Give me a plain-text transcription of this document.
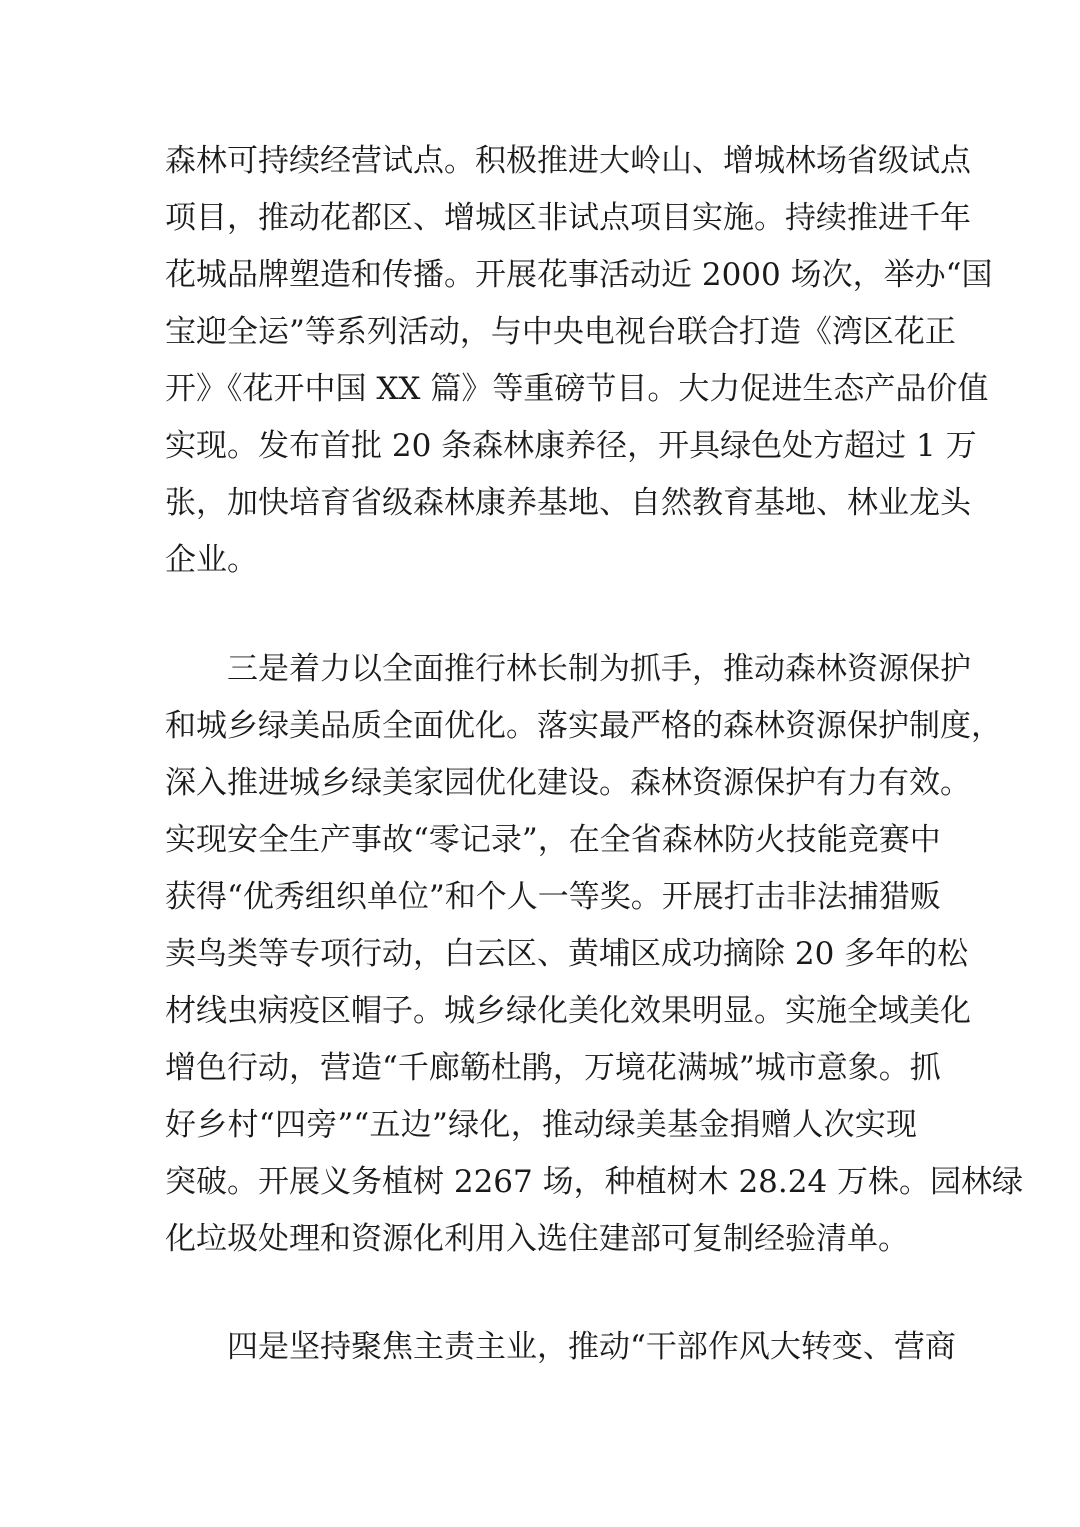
森林可持续经营试点。积极推进大岭山、增城林场省级试点
项目，推动花都区、增城区非试点项目实施。持续推进千年
花城品牌塑造和传播。开展花事活动近 2000 场次，举办“国
宝迎全运”等系列活动，与中央电视台联合打造《湾区花正
开》《花开中国 XX 篇》等重磅节目。大力促进生态产品价值
实现。发布首批 20 条森林康养径，开具绿色处方超过 1 万
张，加快培育省级森林康养基地、自然教育基地、林业龙头
企业。
三是着力以全面推行林长制为抓手，推动森林资源保护
和城乡绿美品质全面优化。落实最严格的森林资源保护制度，
深入推进城乡绿美家园优化建设。森林资源保护有力有效。
实现安全生产事故“零记录”，在全省森林防火技能竞赛中
获得“优秀组织单位”和个人一等奖。开展打击非法捕猎贩
卖鸟类等专项行动，白云区、黄埔区成功摘除 20 多年的松
材线虫病疫区帽子。城乡绿化美化效果明显。实施全域美化
增色行动，营造“千廊簕杜鹃，万境花满城”城市意象。抓
好乡村“四旁”“五边”绿化，推动绿美基金捐赠人次实现
突破。开展义务植树 2267 场，种植树木 28.24 万株。园林绿
化垃圾处理和资源化利用入选住建部可复制经验清单。
四是坚持聚焦主责主业，推动“干部作风大转变、营商
